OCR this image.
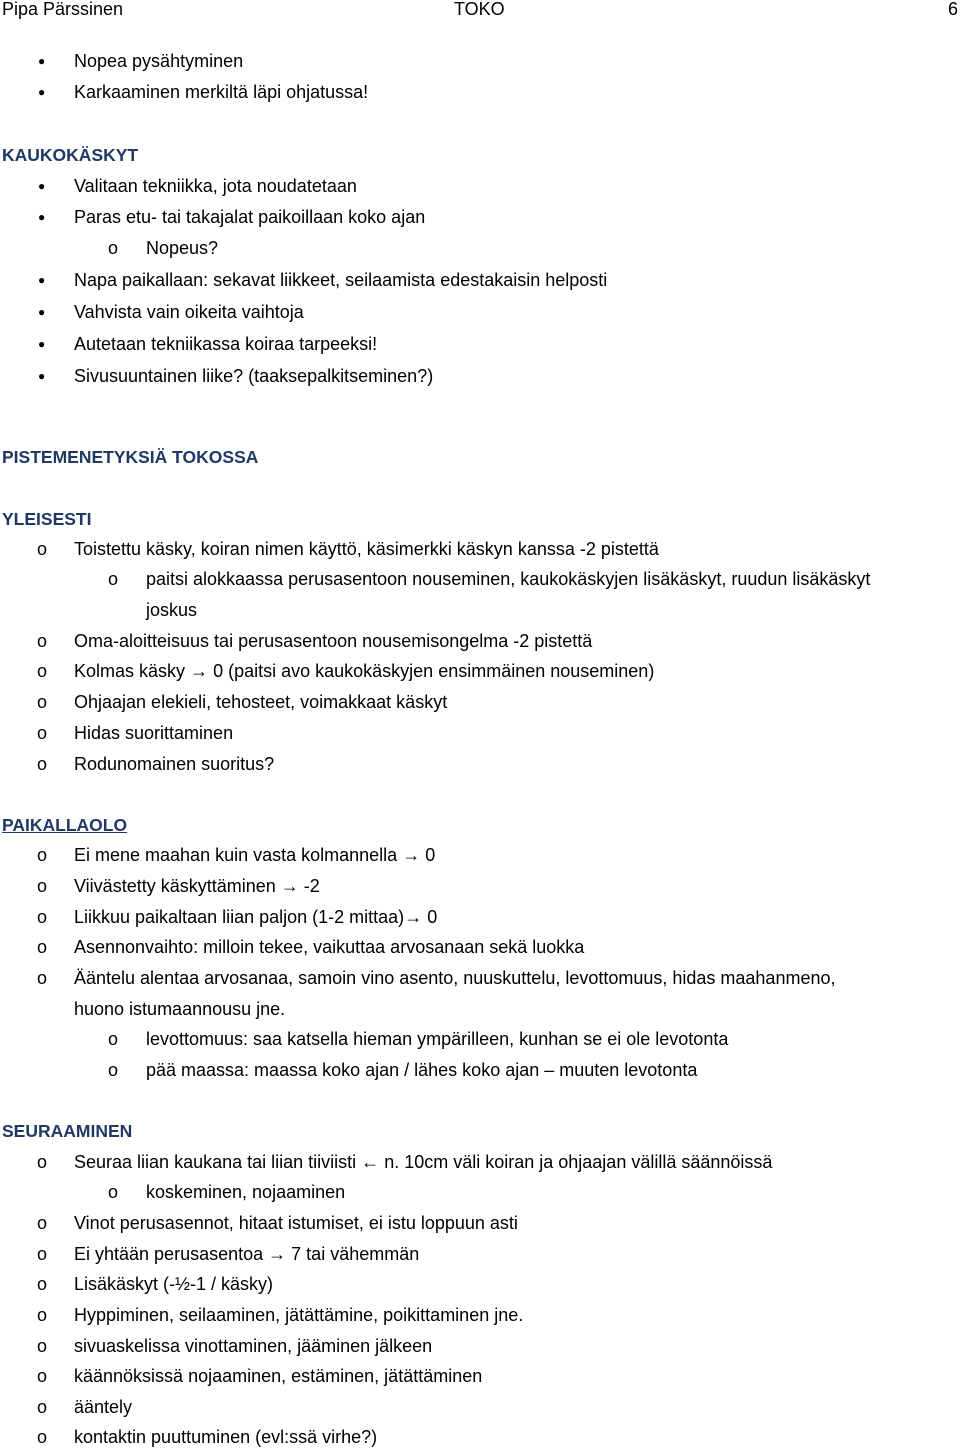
Pipa Pärssinen	TOKO	6
● Nopea pysähtyminen
● Karkaaminen merkiltä läpi ohjatussa!
KAUKOKÄSKYT
● Valitaan tekniikka, jota noudatetaan
● Paras etu- tai takajalat paikoillaan koko ajan
o Nopeus?
● Napa paikallaan: sekavat liikkeet, seilaamista edestakaisin helposti
● Vahvista vain oikeita vaihtoja
● Autetaan tekniikassa koiraa tarpeeksi!
● Sivusuuntainen liike? (taaksepalkitseminen?)
PISTEMENETYKSIÄ TOKOSSA
YLEISESTI
o Toistettu käsky, koiran nimen käyttö, käsimerkki käskyn kanssa -2 pistettä
o paitsi alokkaassa perusasentoon nouseminen, kaukokäskyjen lisäkäskyt, ruudun lisäkäskyt
joskus
o Oma-aloitteisuus tai perusasentoon nousemisongelma -2 pistettä
o Kolmas käsky → 0 (paitsi avo kaukokäskyjen ensimmäinen nouseminen)
o Ohjaajan elekieli, tehosteet, voimakkaat käskyt
o Hidas suorittaminen
o Rodunomainen suoritus?
PAIKALLAOLO
o Ei mene maahan kuin vasta kolmannella → 0
o Viivästetty käskyttäminen → -2
o Liikkuu paikaltaan liian paljon (1-2 mittaa)→ 0
o Asennonvaihto: milloin tekee, vaikuttaa arvosanaan sekä luokka
o Ääntelu alentaa arvosanaa, samoin vino asento, nuuskuttelu, levottomuus, hidas maahanmeno,
huono istumaannousu jne.
o levottomuus: saa katsella hieman ympärilleen, kunhan se ei ole levotonta
o pää maassa: maassa koko ajan / lähes koko ajan – muuten levotonta
SEURAAMINEN
o Seuraa liian kaukana tai liian tiiviisti ← n. 10cm väli koiran ja ohjaajan välillä säännöissä
o koskeminen, nojaaminen
o Vinot perusasennot, hitaat istumiset, ei istu loppuun asti
o Ei yhtään perusasentoa → 7 tai vähemmän
o Lisäkäskyt (-½-1 / käsky)
o Hyppiminen, seilaaminen, jätättämine, poikittaminen jne.
o sivuaskelissa vinottaminen, jääminen jälkeen
o käännöksissä nojaaminen, estäminen, jätättäminen
o ääntely
o kontaktin puuttuminen (evl:ssä virhe?)
